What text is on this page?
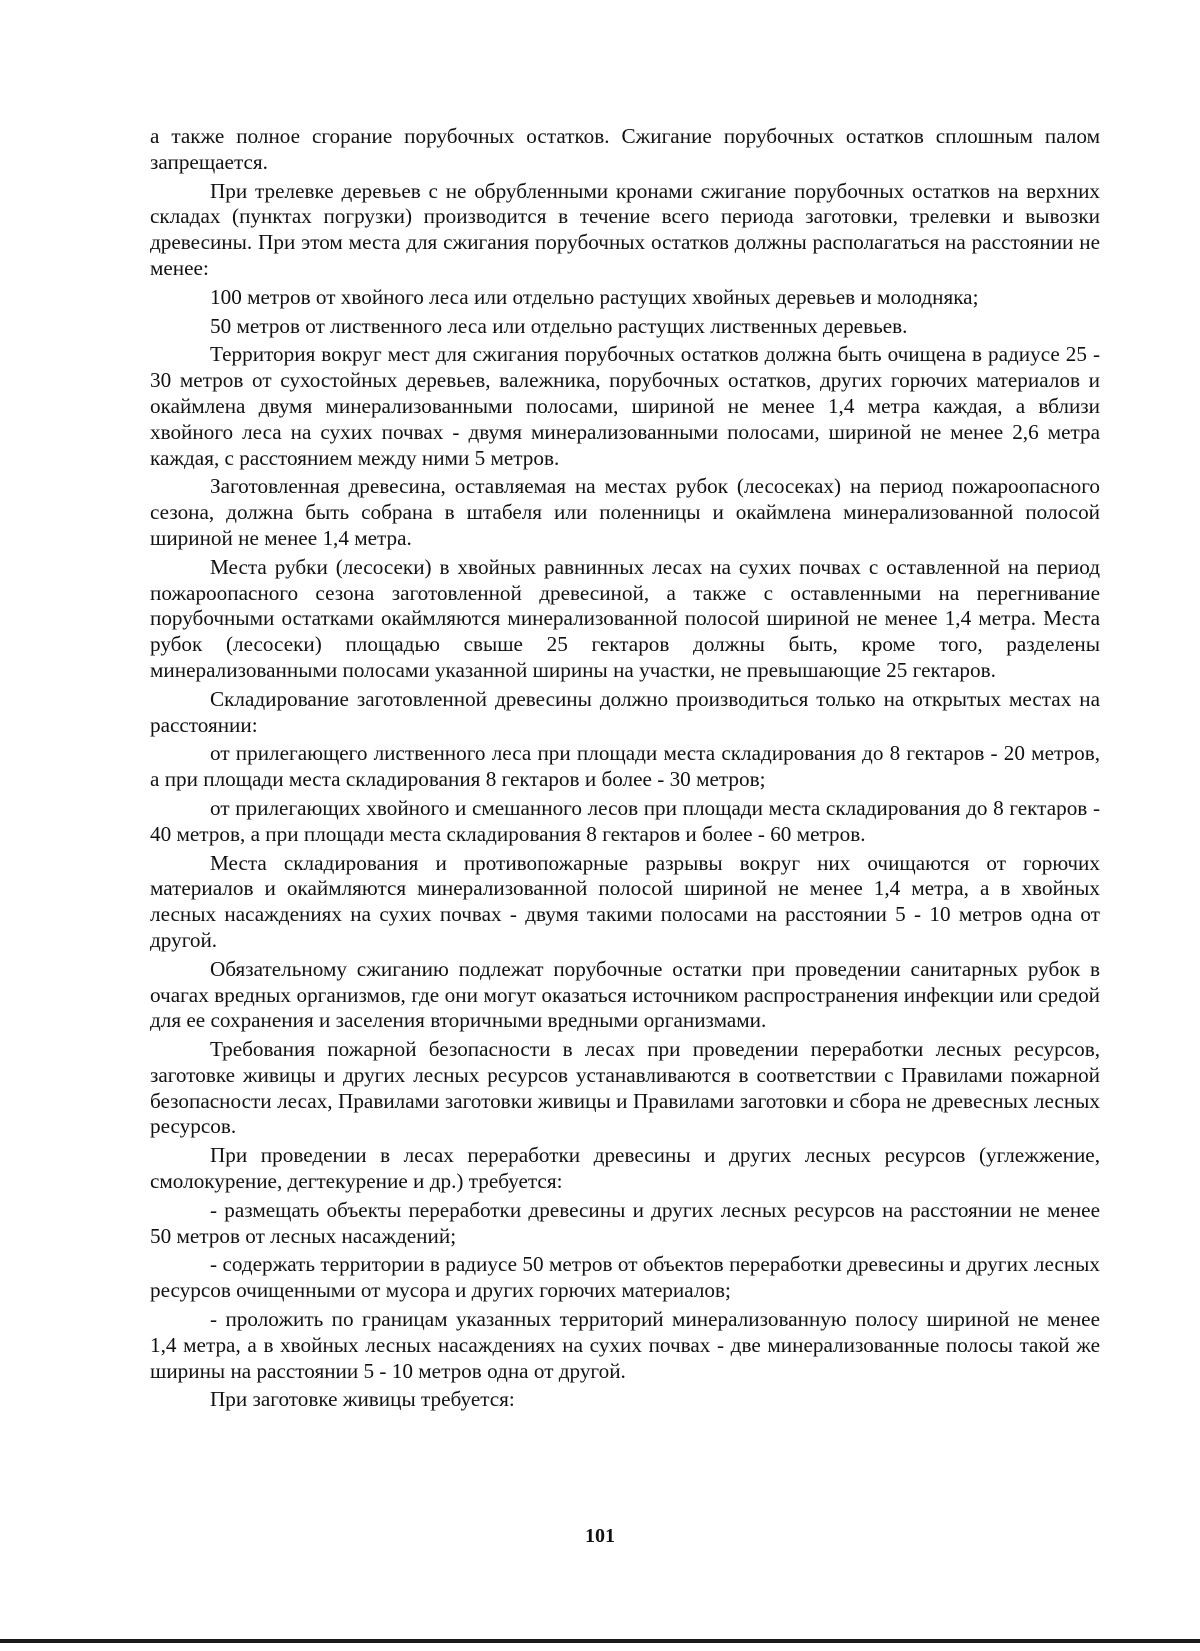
а также полное сгорание порубочных остатков. Сжигание порубочных остатков сплошным палом запрещается.

При трелевке деревьев с не обрубленными кронами сжигание порубочных остатков на верхних складах (пунктах погрузки) производится в течение всего периода заготовки, трелевки и вывозки древесины. При этом места для сжигания порубочных остатков должны располагаться на расстоянии не менее:

100 метров от хвойного леса или отдельно растущих хвойных деревьев и молодняка;

50 метров от лиственного леса или отдельно растущих лиственных деревьев.

Территория вокруг мест для сжигания порубочных остатков должна быть очищена в радиусе 25 - 30 метров от сухостойных деревьев, валежника, порубочных остатков, других горючих материалов и окаймлена двумя минерализованными полосами, шириной не менее 1,4 метра каждая, а вблизи хвойного леса на сухих почвах - двумя минерализованными полосами, шириной не менее 2,6 метра каждая, с расстоянием между ними 5 метров.

Заготовленная древесина, оставляемая на местах рубок (лесосеках) на период пожароопасного сезона, должна быть собрана в штабеля или поленницы и окаймлена минерализованной полосой шириной не менее 1,4 метра.

Места рубки (лесосеки) в хвойных равнинных лесах на сухих почвах с оставленной на период пожароопасного сезона заготовленной древесиной, а также с оставленными на перегнивание порубочными остатками окаймляются минерализованной полосой шириной не менее 1,4 метра. Места рубок (лесосеки) площадью свыше 25 гектаров должны быть, кроме того, разделены минерализованными полосами указанной ширины на участки, не превышающие 25 гектаров.

Складирование заготовленной древесины должно производиться только на открытых местах на расстоянии:

от прилегающего лиственного леса при площади места складирования до 8 гектаров - 20 метров, а при площади места складирования 8 гектаров и более - 30 метров;

от прилегающих хвойного и смешанного лесов при площади места складирования до 8 гектаров - 40 метров, а при площади места складирования 8 гектаров и более - 60 метров.

Места складирования и противопожарные разрывы вокруг них очищаются от горючих материалов и окаймляются минерализованной полосой шириной не менее 1,4 метра, а в хвойных лесных насаждениях на сухих почвах - двумя такими полосами на расстоянии 5 - 10 метров одна от другой.

Обязательному сжиганию подлежат порубочные остатки при проведении санитарных рубок в очагах вредных организмов, где они могут оказаться источником распространения инфекции или средой для ее сохранения и заселения вторичными вредными организмами.

Требования пожарной безопасности в лесах при проведении переработки лесных ресурсов, заготовке живицы и других лесных ресурсов устанавливаются в соответствии с Правилами пожарной безопасности лесах, Правилами заготовки живицы и Правилами заготовки и сбора не древесных лесных ресурсов.

При проведении в лесах переработки древесины и других лесных ресурсов (углежжение, смолокурение, дегтекурение и др.) требуется:

- размещать объекты переработки древесины и других лесных ресурсов на расстоянии не менее 50 метров от лесных насаждений;

- содержать территории в радиусе 50 метров от объектов переработки древесины и других лесных ресурсов очищенными от мусора и других горючих материалов;

- проложить по границам указанных территорий минерализованную полосу шириной не менее 1,4 метра, а в хвойных лесных насаждениях на сухих почвах - две минерализованные полосы такой же ширины на расстоянии 5 - 10 метров одна от другой.

При заготовке живицы требуется:

101
